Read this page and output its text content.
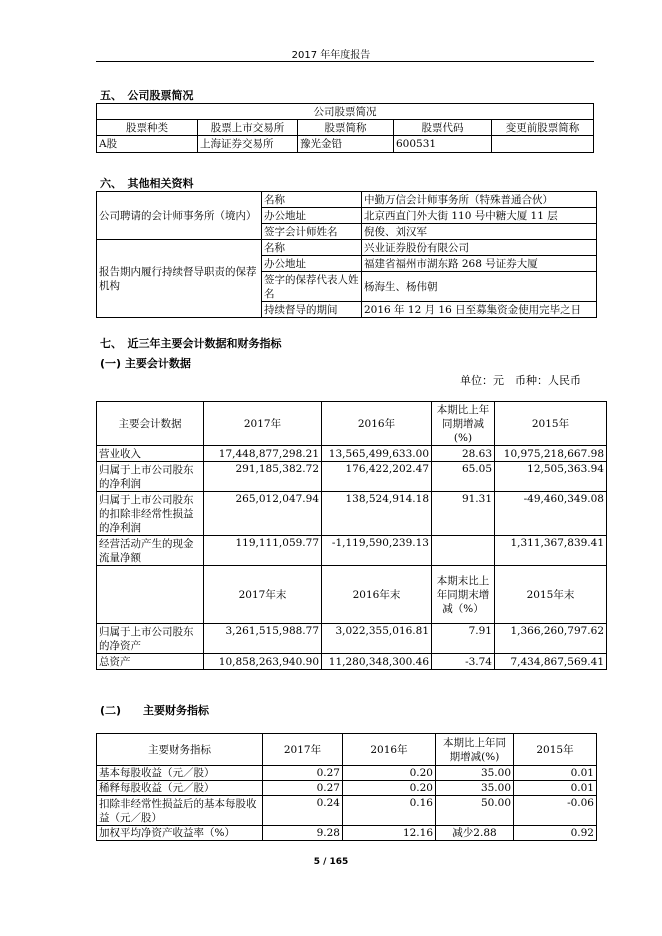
2017 年年度报告
五、　公司股票简况
公司股票简况				
股票种类	股票上市交易所	股票简称	股票代码	变更前股票简称
A股	上海证券交易所	豫光金铅	600531	
六、　其他相关资料
公司聘请的会计师事务所（境内）	名称	中勤万信会计师事务所（特殊普通合伙）
	办公地址	北京西直门外大街 110 号中糖大厦 11 层
	签字会计师姓名	倪俊、刘汉军
报告期内履行持续督导职责的保荐机构	名称	兴业证券股份有限公司
	办公地址	福建省福州市湖东路 268 号证券大厦
	签字的保荐代表人姓名	杨海生、杨伟朝
	持续督导的期间	2016 年 12 月 16 日至募集资金使用完毕之日
七、　近三年主要会计数据和财务指标
(一) 主要会计数据
单位：元　币种：人民币
主要会计数据	2017年	2016年	本期比上年同期增减(%)	2015年
营业收入	17,448,877,298.21	13,565,499,633.00	28.63	10,975,218,667.98
归属于上市公司股东的净利润	291,185,382.72	176,422,202.47	65.05	12,505,363.94
归属于上市公司股东的扣除非经常性损益的净利润	265,012,047.94	138,524,914.18	91.31	-49,460,349.08
经营活动产生的现金流量净额	119,111,059.77	-1,119,590,239.13		1,311,367,839.41
	2017年末	2016年末	本期末比上年同期末增减（%）	2015年末
归属于上市公司股东的净资产	3,261,515,988.77	3,022,355,016.81	7.91	1,366,260,797.62
总资产	10,858,263,940.90	11,280,348,300.46	-3.74	7,434,867,569.41
(二)　　主要财务指标
主要财务指标	2017年	2016年	本期比上年同期增减(%)	2015年
基本每股收益（元／股）	0.27	0.20	35.00	0.01
稀释每股收益（元／股）	0.27	0.20	35.00	0.01
扣除非经常性损益后的基本每股收益（元／股）	0.24	0.16	50.00	-0.06
加权平均净资产收益率（%）	9.28	12.16	减少2.88	0.92
5 / 165
